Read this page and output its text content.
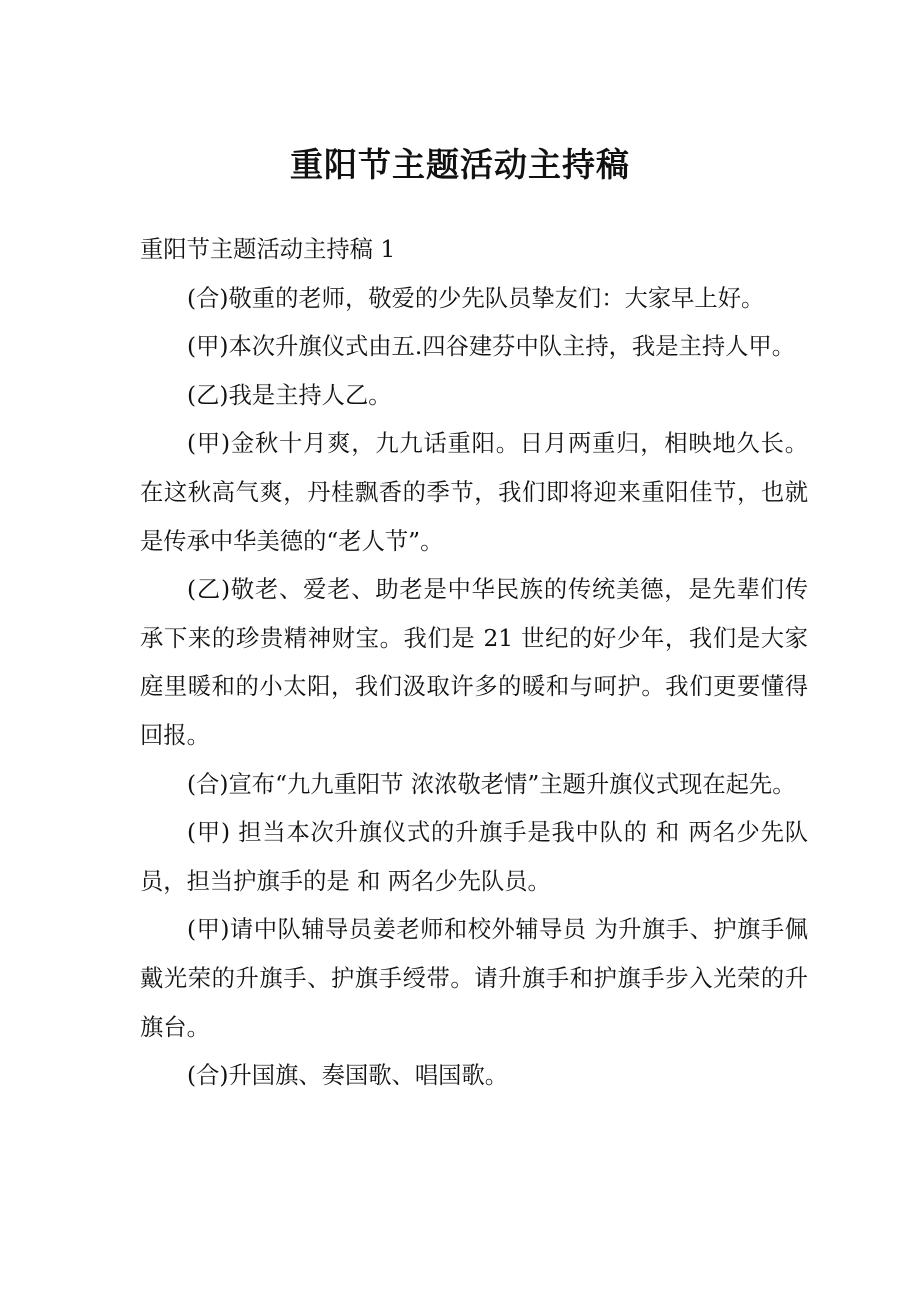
重阳节主题活动主持稿

重阳节主题活动主持稿 1

(合)敬重的老师，敬爱的少先队员挚友们：大家早上好。

(甲)本次升旗仪式由五.四谷建芬中队主持，我是主持人甲。

(乙)我是主持人乙。

(甲)金秋十月爽，九九话重阳。日月两重归，相映地久长。在这秋高气爽，丹桂飘香的季节，我们即将迎来重阳佳节，也就是传承中华美德的“老人节”。

(乙)敬老、爱老、助老是中华民族的传统美德，是先辈们传承下来的珍贵精神财宝。我们是 21 世纪的好少年，我们是大家庭里暖和的小太阳，我们汲取许多的暖和与呵护。我们更要懂得回报。

(合)宣布“九九重阳节 浓浓敬老情”主题升旗仪式现在起先。

(甲) 担当本次升旗仪式的升旗手是我中队的 和 两名少先队员，担当护旗手的是 和 两名少先队员。

(甲)请中队辅导员姜老师和校外辅导员 为升旗手、护旗手佩戴光荣的升旗手、护旗手绶带。请升旗手和护旗手步入光荣的升旗台。

(合)升国旗、奏国歌、唱国歌。
